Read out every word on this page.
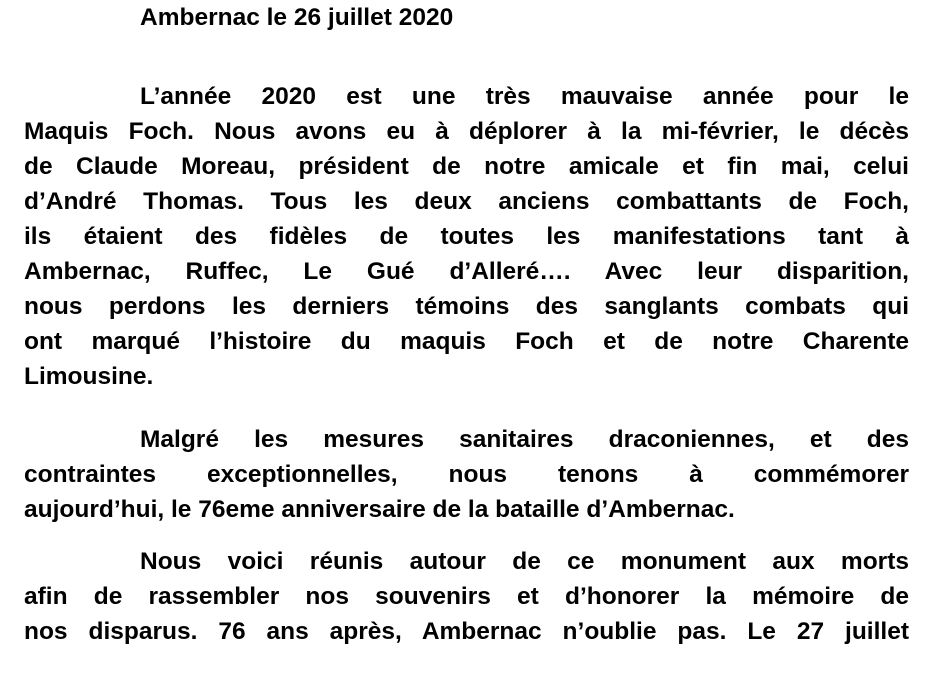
Ambernac le 26 juillet 2020
L’année 2020 est une très mauvaise année pour le
Maquis Foch. Nous avons eu à déplorer à la mi-février, le décès
de Claude Moreau, président de notre amicale et fin mai, celui
d’André Thomas. Tous les deux anciens combattants de Foch,
ils étaient des fidèles de toutes les manifestations tant à
Ambernac, Ruffec, Le Gué d’Alleré…. Avec leur disparition,
nous perdons les derniers témoins des sanglants combats qui
ont marqué l’histoire du maquis Foch et de notre Charente
Limousine.
Malgré les mesures sanitaires draconiennes, et des
contraintes exceptionnelles, nous tenons à commémorer
aujourd’hui, le 76eme anniversaire de la bataille d’Ambernac.
Nous voici réunis autour de ce monument aux morts
afin de rassembler nos souvenirs et d’honorer la mémoire de
nos disparus. 76 ans après, Ambernac n’oublie pas. Le 27 juillet
